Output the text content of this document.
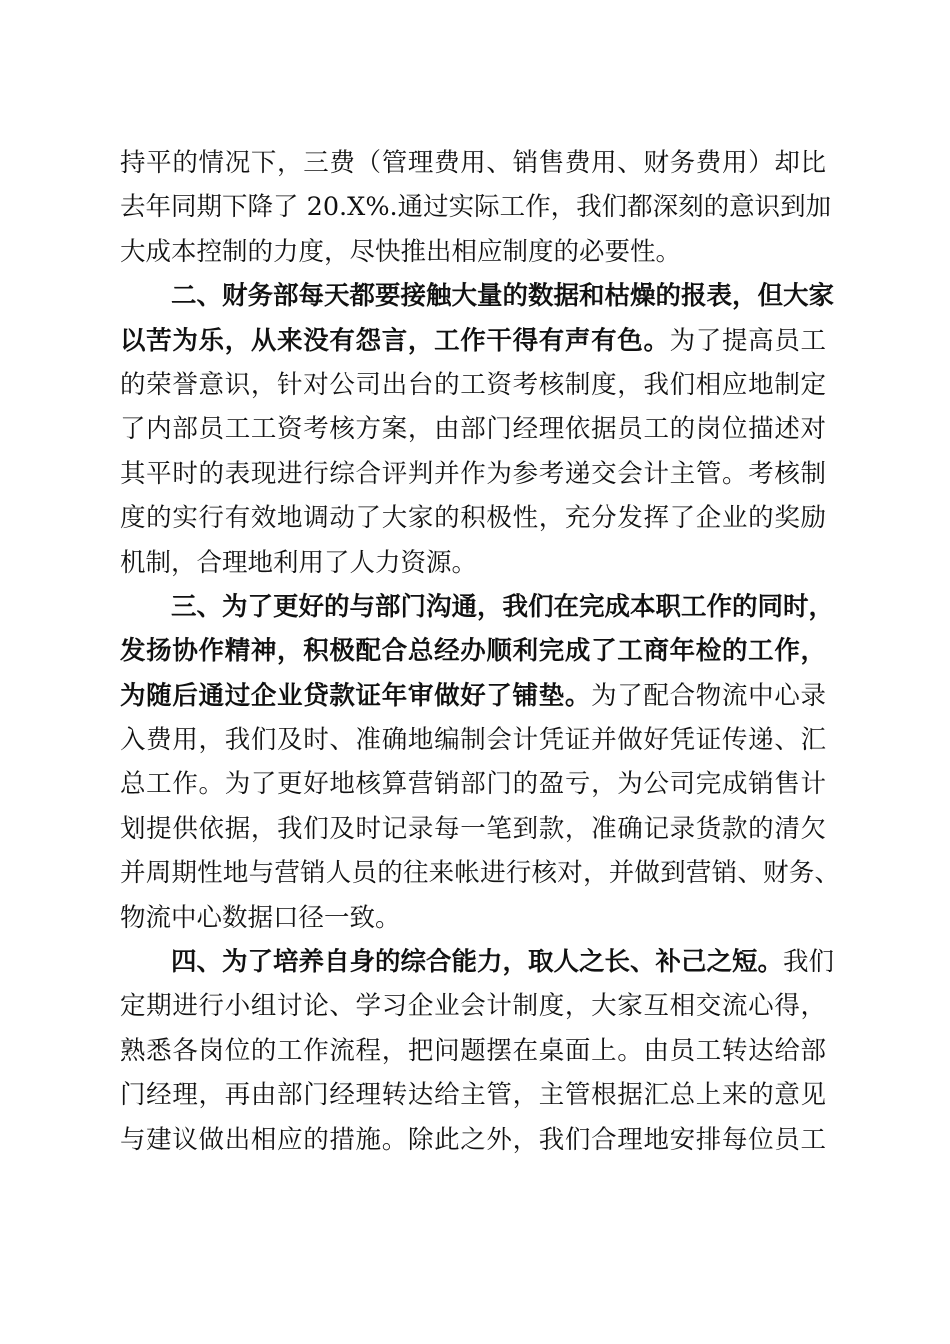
持平的情况下，三费（管理费用、销售费用、财务费用）却比
去年同期下降了 20.X%.通过实际工作，我们都深刻的意识到加
大成本控制的力度，尽快推出相应制度的必要性。
二、财务部每天都要接触大量的数据和枯燥的报表，但大家
以苦为乐，从来没有怨言，工作干得有声有色。为了提高员工
的荣誉意识，针对公司出台的工资考核制度，我们相应地制定
了内部员工工资考核方案，由部门经理依据员工的岗位描述对
其平时的表现进行综合评判并作为参考递交会计主管。考核制
度的实行有效地调动了大家的积极性，充分发挥了企业的奖励
机制，合理地利用了人力资源。
三、为了更好的与部门沟通，我们在完成本职工作的同时，
发扬协作精神，积极配合总经办顺利完成了工商年检的工作，
为随后通过企业贷款证年审做好了铺垫。为了配合物流中心录
入费用，我们及时、准确地编制会计凭证并做好凭证传递、汇
总工作。为了更好地核算营销部门的盈亏，为公司完成销售计
划提供依据，我们及时记录每一笔到款，准确记录货款的清欠
并周期性地与营销人员的往来帐进行核对，并做到营销、财务、
物流中心数据口径一致。
四、为了培养自身的综合能力，取人之长、补己之短。我们
定期进行小组讨论、学习企业会计制度，大家互相交流心得，
熟悉各岗位的工作流程，把问题摆在桌面上。由员工转达给部
门经理，再由部门经理转达给主管，主管根据汇总上来的意见
与建议做出相应的措施。除此之外，我们合理地安排每位员工
